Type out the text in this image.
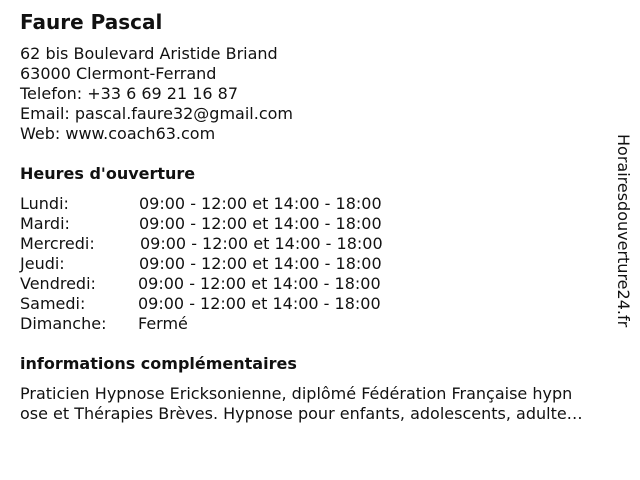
Faure Pascal
62 bis Boulevard Aristide Briand
63000 Clermont-Ferrand
Telefon: +33 6 69 21 16 87
Email: pascal.faure32@gmail.com
Web: www.coach63.com
Heures d'ouverture
Lundi:	09:00 - 12:00 et 14:00 - 18:00
Mardi:	09:00 - 12:00 et 14:00 - 18:00
Mercredi:	09:00 - 12:00 et 14:00 - 18:00
Jeudi:	09:00 - 12:00 et 14:00 - 18:00
Vendredi:	09:00 - 12:00 et 14:00 - 18:00
Samedi:	09:00 - 12:00 et 14:00 - 18:00
Dimanche: Fermé
informations complémentaires
Praticien Hypnose Ericksonienne, diplômé Fédération Française hypn
ose et Thérapies Brèves. Hypnose pour enfants, adolescents, adulte…
Horairesdouverture24.fr
